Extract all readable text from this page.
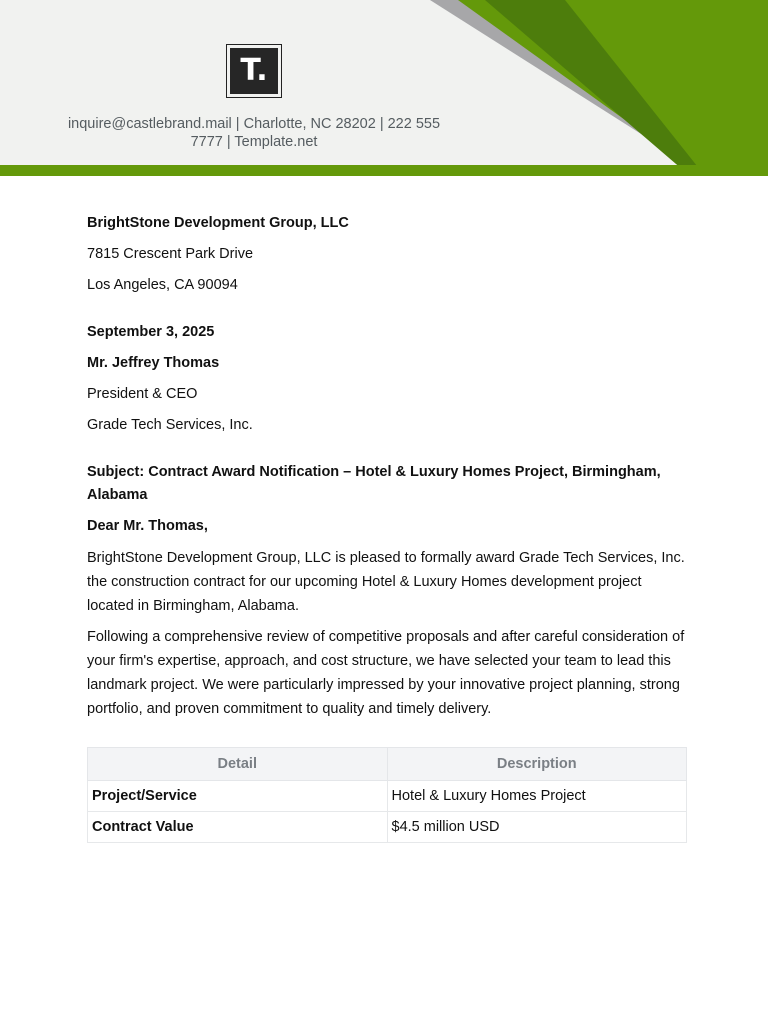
T.
inquire@castlebrand.mail | Charlotte, NC 28202 | 222 555 7777 | Template.net
BrightStone Development Group, LLC
7815 Crescent Park Drive
Los Angeles, CA 90094
September 3, 2025
Mr. Jeffrey Thomas
President & CEO
Grade Tech Services, Inc.
Subject: Contract Award Notification – Hotel & Luxury Homes Project, Birmingham, Alabama
Dear Mr. Thomas,
BrightStone Development Group, LLC is pleased to formally award Grade Tech Services, Inc. the construction contract for our upcoming Hotel & Luxury Homes development project located in Birmingham, Alabama.
Following a comprehensive review of competitive proposals and after careful consideration of your firm's expertise, approach, and cost structure, we have selected your team to lead this landmark project. We were particularly impressed by your innovative project planning, strong portfolio, and proven commitment to quality and timely delivery.
Detail	Description
Project/Service	Hotel & Luxury Homes Project
Contract Value	$4.5 million USD
